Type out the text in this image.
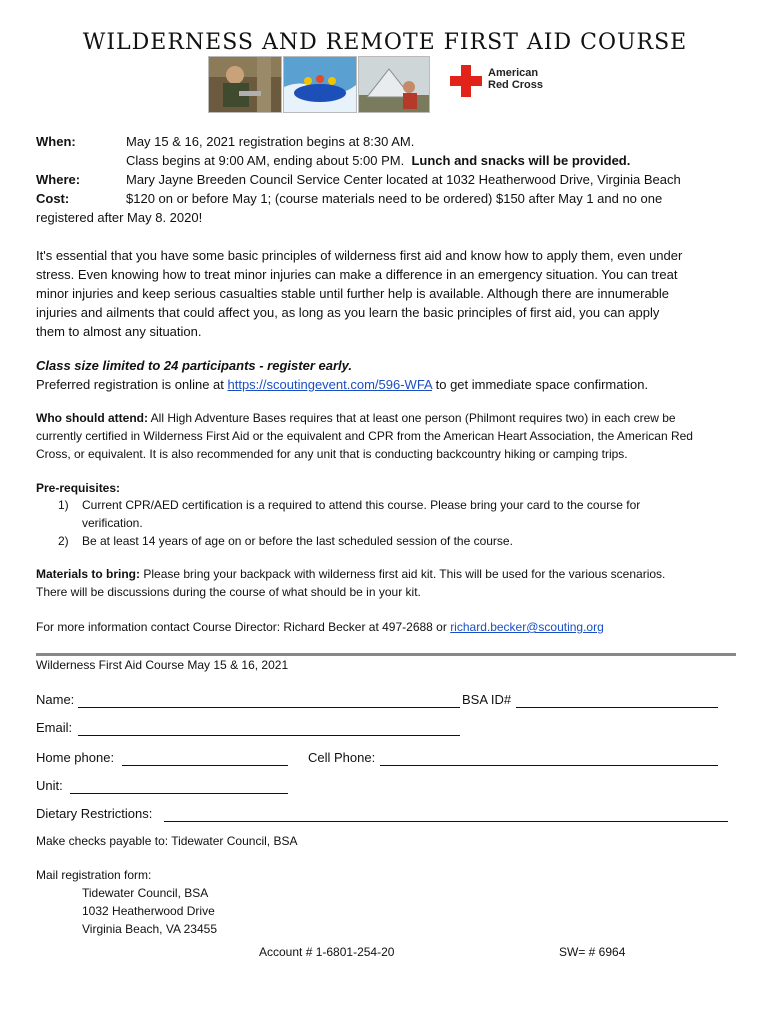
WILDERNESS AND REMOTE FIRST AID COURSE
American
Red Cross
When:	May 15 & 16, 2021 registration begins at 8:30 AM.
Class begins at 9:00 AM, ending about 5:00 PM. Lunch and snacks will be provided.
Where:	Mary Jayne Breeden Council Service Center located at 1032 Heatherwood Drive, Virginia Beach
Cost:	$120 on or before May 1; (course materials need to be ordered) $150 after May 1 and no one
registered after May 8. 2020!
It's essential that you have some basic principles of wilderness first aid and know how to apply them, even under
stress. Even knowing how to treat minor injuries can make a difference in an emergency situation. You can treat
minor injuries and keep serious casualties stable until further help is available. Although there are innumerable
injuries and ailments that could affect you, as long as you learn the basic principles of first aid, you can apply
them to almost any situation.
Class size limited to 24 participants - register early.
Preferred registration is online at https://scoutingevent.com/596-WFA to get immediate space confirmation.
Who should attend: All High Adventure Bases requires that at least one person (Philmont requires two) in each crew be
currently certified in Wilderness First Aid or the equivalent and CPR from the American Heart Association, the American Red
Cross, or equivalent. It is also recommended for any unit that is conducting backcountry hiking or camping trips.
Pre-requisites:
1) Current CPR/AED certification is a required to attend this course. Please bring your card to the course for
verification.
2) Be at least 14 years of age on or before the last scheduled session of the course.
Materials to bring: Please bring your backpack with wilderness first aid kit. This will be used for the various scenarios.
There will be discussions during the course of what should be in your kit.
For more information contact Course Director: Richard Becker at 497-2688 or richard.becker@scouting.org
Wilderness First Aid Course May 15 & 16, 2021
Name:	BSA ID#
Email:
Home phone:	Cell Phone:
Unit:
Dietary Restrictions:
Make checks payable to: Tidewater Council, BSA
Mail registration form:
Tidewater Council, BSA
1032 Heatherwood Drive
Virginia Beach, VA 23455
Account # 1-6801-254-20	SW= # 6964
